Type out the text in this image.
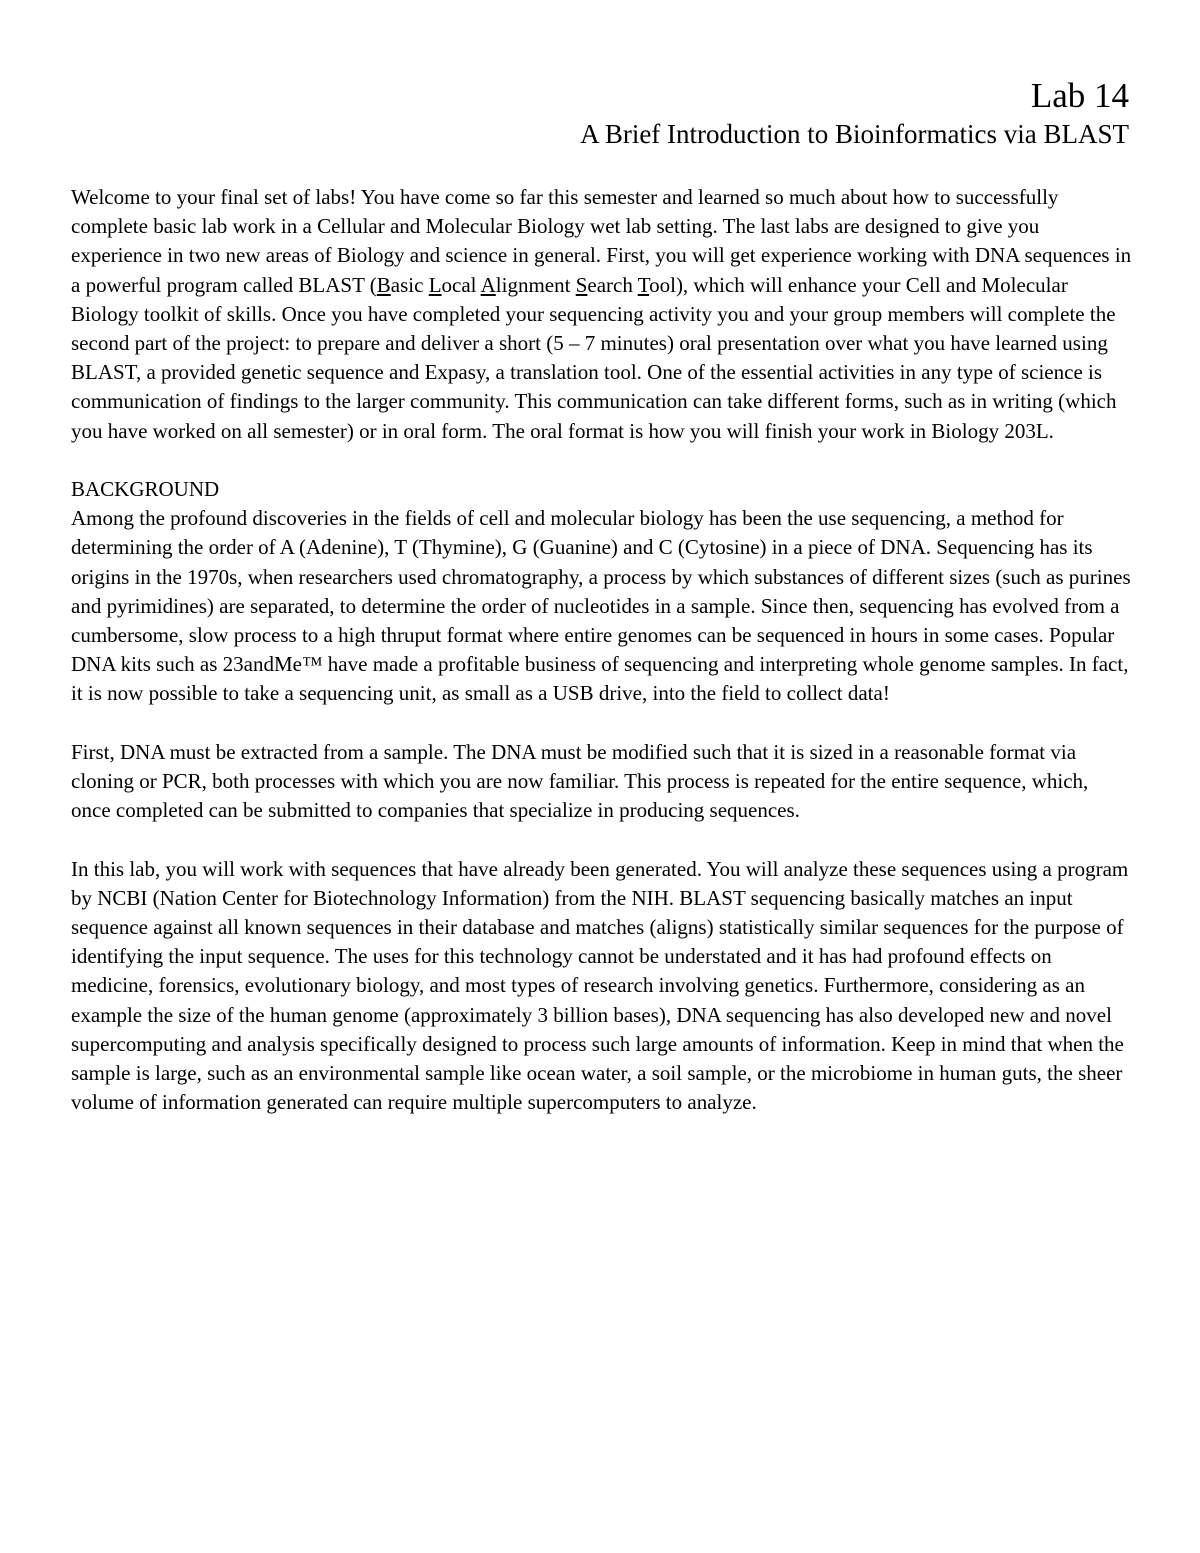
Lab 14
A Brief Introduction to Bioinformatics via BLAST

Welcome to your final set of labs! You have come so far this semester and learned so much about how to successfully complete basic lab work in a Cellular and Molecular Biology wet lab setting. The last labs are designed to give you experience in two new areas of Biology and science in general. First, you will get experience working with DNA sequences in a powerful program called BLAST (Basic Local Alignment Search Tool), which will enhance your Cell and Molecular Biology toolkit of skills. Once you have completed your sequencing activity you and your group members will complete the second part of the project: to prepare and deliver a short (5 – 7 minutes) oral presentation over what you have learned using BLAST, a provided genetic sequence and Expasy, a translation tool. One of the essential activities in any type of science is communication of findings to the larger community. This communication can take different forms, such as in writing (which you have worked on all semester) or in oral form. The oral format is how you will finish your work in Biology 203L.

BACKGROUND

Among the profound discoveries in the fields of cell and molecular biology has been the use sequencing, a method for determining the order of A (Adenine), T (Thymine), G (Guanine) and C (Cytosine) in a piece of DNA. Sequencing has its origins in the 1970s, when researchers used chromatography, a process by which substances of different sizes (such as purines and pyrimidines) are separated, to determine the order of nucleotides in a sample. Since then, sequencing has evolved from a cumbersome, slow process to a high thruput format where entire genomes can be sequenced in hours in some cases. Popular DNA kits such as 23andMe™ have made a profitable business of sequencing and interpreting whole genome samples. In fact, it is now possible to take a sequencing unit, as small as a USB drive, into the field to collect data!

First, DNA must be extracted from a sample. The DNA must be modified such that it is sized in a reasonable format via cloning or PCR, both processes with which you are now familiar. This process is repeated for the entire sequence, which, once completed can be submitted to companies that specialize in producing sequences.

In this lab, you will work with sequences that have already been generated. You will analyze these sequences using a program by NCBI (Nation Center for Biotechnology Information) from the NIH. BLAST sequencing basically matches an input sequence against all known sequences in their database and matches (aligns) statistically similar sequences for the purpose of identifying the input sequence. The uses for this technology cannot be understated and it has had profound effects on medicine, forensics, evolutionary biology, and most types of research involving genetics. Furthermore, considering as an example the size of the human genome (approximately 3 billion bases), DNA sequencing has also developed new and novel supercomputing and analysis specifically designed to process such large amounts of information. Keep in mind that when the sample is large, such as an environmental sample like ocean water, a soil sample, or the microbiome in human guts, the sheer volume of information generated can require multiple supercomputers to analyze.
